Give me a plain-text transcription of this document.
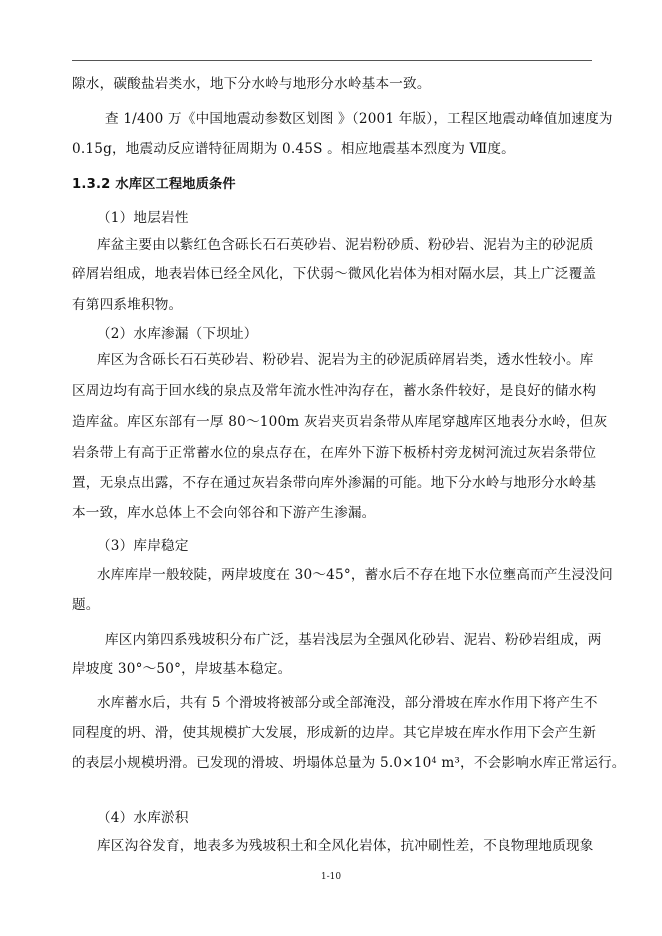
隙水，碳酸盐岩类水，地下分水岭与地形分水岭基本一致。
查 1/400 万《中国地震动参数区划图 》（2001 年版），工程区地震动峰值加速度为
0.15g，地震动反应谱特征周期为 0.45S 。相应地震基本烈度为 Ⅶ度。
1.3.2 水库区工程地质条件
（1）地层岩性
库盆主要由以紫红色含砾长石石英砂岩、泥岩粉砂质、粉砂岩、泥岩为主的砂泥质
碎屑岩组成，地表岩体已经全风化，下伏弱～微风化岩体为相对隔水层，其上广泛覆盖
有第四系堆积物。
（2）水库渗漏（下坝址）
库区为含砾长石石英砂岩、粉砂岩、泥岩为主的砂泥质碎屑岩类，透水性较小。库
区周边均有高于回水线的泉点及常年流水性冲沟存在，蓄水条件较好，是良好的储水构
造库盆。库区东部有一厚 80～100m 灰岩夹页岩条带从库尾穿越库区地表分水岭，但灰
岩条带上有高于正常蓄水位的泉点存在，在库外下游下板桥村旁龙树河流过灰岩条带位
置，无泉点出露，不存在通过灰岩条带向库外渗漏的可能。地下分水岭与地形分水岭基
本一致，库水总体上不会向邻谷和下游产生渗漏。
（3）库岸稳定
水库库岸一般较陡，两岸坡度在 30～45°，蓄水后不存在地下水位壅高而产生浸没问
题。
库区内第四系残坡积分布广泛，基岩浅层为全强风化砂岩、泥岩、粉砂岩组成，两
岸坡度 30°～50°，岸坡基本稳定。
水库蓄水后，共有 5 个滑坡将被部分或全部淹没，部分滑坡在库水作用下将产生不
同程度的坍、滑，使其规模扩大发展，形成新的边岸。其它岸坡在库水作用下会产生新
的表层小规模坍滑。已发现的滑坡、坍塌体总量为 $5.0\times 10^4$ m³，不会影响水库正常运行。
（4）水库淤积
库区沟谷发育，地表多为残坡积土和全风化岩体，抗冲刷性差，不良物理地质现象
1-10
